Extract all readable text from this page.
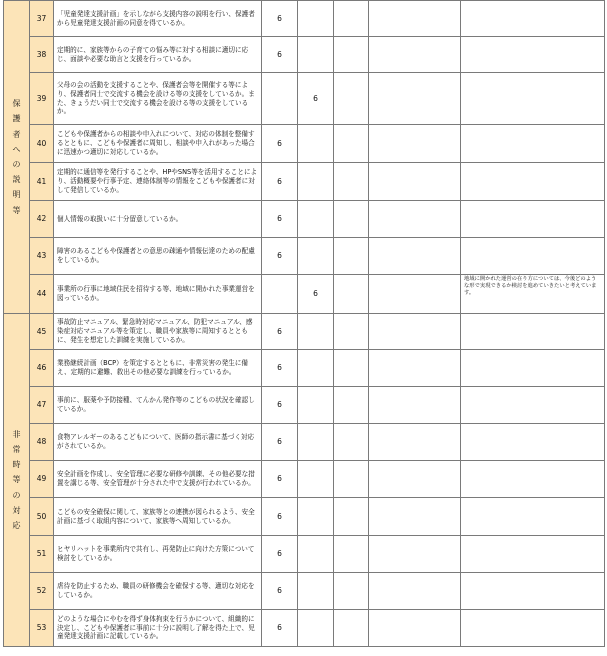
保護者への説明等	37	「児童発達支援計画」を示しながら支援内容の説明を行い、保護者から児童発達支援計画の同意を得ているか。	6				
	38	定期的に、家族等からの子育ての悩み等に対する相談に適切に応じ、面談や必要な助言と支援を行っているか。	6				
	39	父母の会の活動を支援することや、保護者会等を開催する等により、保護者同士で交流する機会を設ける等の支援をしているか。また、きょうだい同士で交流する機会を設ける等の支援をしているか。		6			
	40	こどもや保護者からの相談や申入れについて、対応の体制を整備するとともに、こどもや保護者に周知し、相談や申入れがあった場合に迅速かつ適切に対応しているか。	6				
	41	定期的に通信等を発行することや、HPやSNS等を活用することにより、活動概要や行事予定、連絡体制等の情報をこどもや保護者に対して発信しているか。	6				
	42	個人情報の取扱いに十分留意しているか。	6				
	43	障害のあるこどもや保護者との意思の疎通や情報伝達のための配慮をしているか。	6				
	44	事業所の行事に地域住民を招待する等、地域に開かれた事業運営を図っているか。		6			地域に開かれた運営の在り方については、今後どのような形で実現できるか検討を進めていきたいと考えています。
非常時等の対応	45	事故防止マニュアル、緊急時対応マニュアル、防犯マニュアル、感染症対応マニュアル等を策定し、職員や家族等に周知するとともに、発生を想定した訓練を実施しているか。	6				
	46	業務継続計画（BCP）を策定するとともに、非常災害の発生に備え、定期的に避難、救出その他必要な訓練を行っているか。	6				
	47	事前に、服薬や予防接種、てんかん発作等のこどもの状況を確認しているか。	6				
	48	食物アレルギーのあるこどもについて、医師の指示書に基づく対応がされているか。	6				
	49	安全計画を作成し、安全管理に必要な研修や訓練、その他必要な措置を講じる等、安全管理が十分された中で支援が行われているか。	6				
	50	こどもの安全確保に関して、家族等との連携が図られるよう、安全計画に基づく取組内容について、家族等へ周知しているか。	6				
	51	ヒヤリハットを事業所内で共有し、再発防止に向けた方策について検討をしているか。	6				
	52	虐待を防止するため、職員の研修機会を確保する等、適切な対応をしているか。	6				
	53	どのような場合にやむを得ず身体拘束を行うかについて、組織的に決定し、こどもや保護者に事前に十分に説明し了解を得た上で、児童発達支援計画に記載しているか。	6				
